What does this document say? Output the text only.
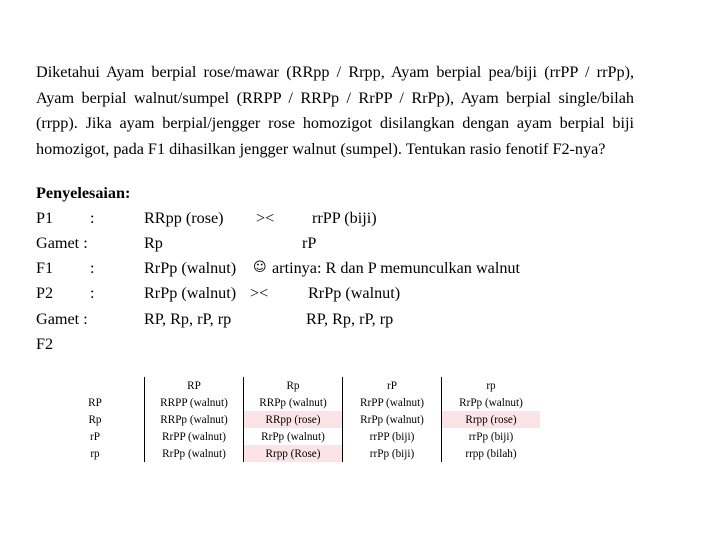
Diketahui Ayam berpial rose/mawar (RRpp / Rrpp, Ayam berpial pea/biji (rrPP / rrPp), Ayam berpial walnut/sumpel (RRPP / RRPp / RrPP / RrPp), Ayam berpial single/bilah (rrpp). Jika ayam berpial/jengger rose homozigot disilangkan dengan ayam berpial biji homozigot, pada F1 dihasilkan jengger walnut (sumpel). Tentukan rasio fenotif F2-nya?

Penyelesaian:
P1 :	RRpp (rose) >< rrPP (biji)
Gamet :	Rp	rP
F1 :	RrPp (walnut) ☺ artinya: R dan P memunculkan walnut
P2 :	RrPp (walnut) >< RrPp (walnut)
Gamet :	RP, Rp, rP, rp	RP, Rp, rP, rp
F2
	RP	Rp	rP	rp
RP	RRPP (walnut)	RRPp (walnut)	RrPP (walnut)	RrPp (walnut)
Rp	RRPp (walnut)	RRpp (rose)	RrPp (walnut)	Rrpp (rose)
rP	RrPP (walnut)	RrPp (walnut)	rrPP (biji)	rrPp (biji)
rp	RrPp (walnut)	Rrpp (Rose)	rrPp (biji)	rrpp (bilah)
